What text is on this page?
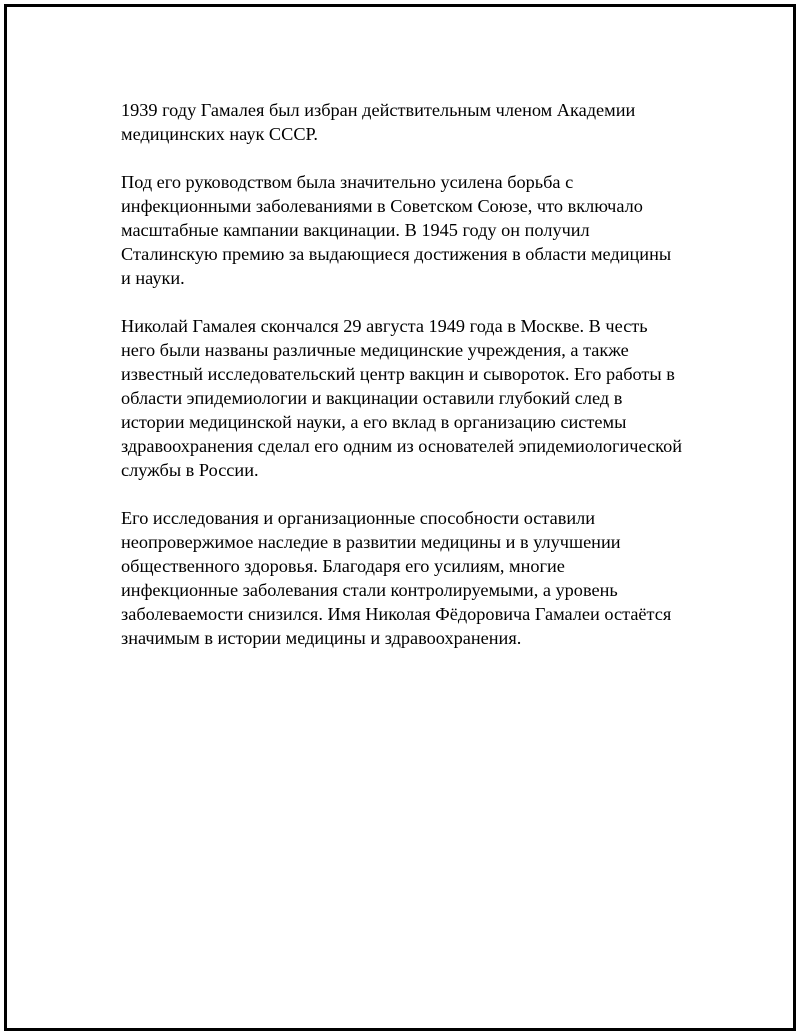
1939 году Гамалея был избран действительным членом Академии
медицинских наук СССР.

Под его руководством была значительно усилена борьба с
инфекционными заболеваниями в Советском Союзе, что включало
масштабные кампании вакцинации. В 1945 году он получил
Сталинскую премию за выдающиеся достижения в области медицины
и науки.

Николай Гамалея скончался 29 августа 1949 года в Москве. В честь
него были названы различные медицинские учреждения, а также
известный исследовательский центр вакцин и сывороток. Его работы в
области эпидемиологии и вакцинации оставили глубокий след в
истории медицинской науки, а его вклад в организацию системы
здравоохранения сделал его одним из основателей эпидемиологической
службы в России.

Его исследования и организационные способности оставили
неопровержимое наследие в развитии медицины и в улучшении
общественного здоровья. Благодаря его усилиям, многие
инфекционные заболевания стали контролируемыми, а уровень
заболеваемости снизился. Имя Николая Фёдоровича Гамалеи остаётся
значимым в истории медицины и здравоохранения.
